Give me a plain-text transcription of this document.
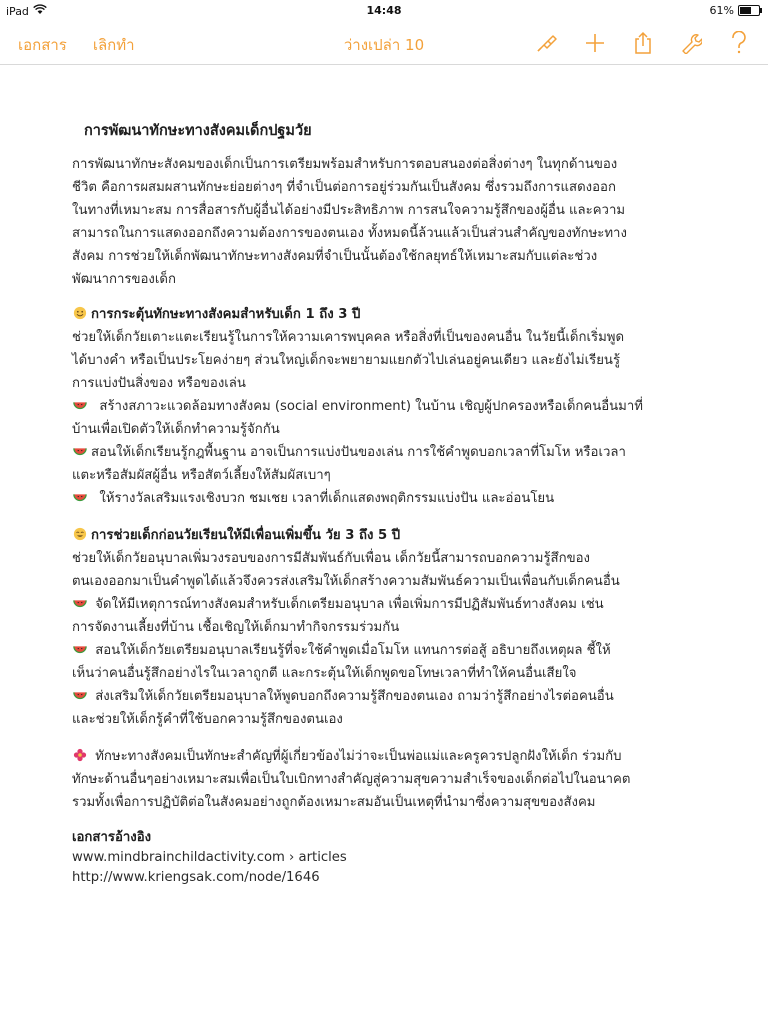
iPad	14:48	61%
เอกสาร เลิกทำ	ว่างเปล่า 10
การพัฒนาทักษะทางสังคมเด็กปฐมวัย

การพัฒนาทักษะสังคมของเด็กเป็นการเตรียมพร้อมสำหรับการตอบสนองต่อสิ่งต่างๆ ในทุกด้านของ

ชีวิต คือการผสมผสานทักษะย่อยต่างๆ ที่จำเป็นต่อการอยู่ร่วมกันเป็นสังคม ซึ่งรวมถึงการแสดงออก

ในทางที่เหมาะสม การสื่อสารกับผู้อื่นได้อย่างมีประสิทธิภาพ การสนใจความรู้สึกของผู้อื่น และความ

สามารถในการแสดงออกถึงความต้องการของตนเอง ทั้งหมดนี้ล้วนแล้วเป็นส่วนสำคัญของทักษะทาง

สังคม การช่วยให้เด็กพัฒนาทักษะทางสังคมที่จำเป็นนั้นต้องใช้กลยุทธ์ให้เหมาะสมกับแต่ละช่วง

พัฒนาการของเด็ก

การกระตุ้นทักษะทางสังคมสำหรับเด็ก 1 ถึง 3 ปี

ช่วยให้เด็กวัยเตาะแตะเรียนรู้ในการให้ความเคารพบุคคล หรือสิ่งที่เป็นของคนอื่น ในวัยนี้เด็กเริ่มพูด

ได้บางคำ หรือเป็นประโยคง่ายๆ ส่วนใหญ่เด็กจะพยายามแยกตัวไปเล่นอยู่คนเดียว และยังไม่เรียนรู้

การแบ่งปันสิ่งของ หรือของเล่น

สร้างสภาวะแวดล้อมทางสังคม (social environment) ในบ้าน เชิญผู้ปกครองหรือเด็กคนอื่นมาที่

บ้านเพื่อเปิดตัวให้เด็กทำความรู้จักกัน

สอนให้เด็กเรียนรู้กฎพื้นฐาน อาจเป็นการแบ่งปันของเล่น การใช้คำพูดบอกเวลาที่โมโห หรือเวลา

แตะหรือสัมผัสผู้อื่น หรือสัตว์เลี้ยงให้สัมผัสเบาๆ

ให้รางวัลเสริมแรงเชิงบวก ชมเชย เวลาที่เด็กแสดงพฤติกรรมแบ่งปัน และอ่อนโยน

การช่วยเด็กก่อนวัยเรียนให้มีเพื่อนเพิ่มขึ้น วัย 3 ถึง 5 ปี

ช่วยให้เด็กวัยอนุบาลเพิ่มวงรอบของการมีสัมพันธ์กับเพื่อน เด็กวัยนี้สามารถบอกความรู้สึกของ

ตนเองออกมาเป็นคำพูดได้แล้วจึงควรส่งเสริมให้เด็กสร้างความสัมพันธ์ความเป็นเพื่อนกับเด็กคนอื่น

จัดให้มีเหตุการณ์ทางสังคมสำหรับเด็กเตรียมอนุบาล เพื่อเพิ่มการมีปฏิสัมพันธ์ทางสังคม เช่น

การจัดงานเลี้ยงที่บ้าน เชื้อเชิญให้เด็กมาทำกิจกรรมร่วมกัน

สอนให้เด็กวัยเตรียมอนุบาลเรียนรู้ที่จะใช้คำพูดเมื่อโมโห แทนการต่อสู้ อธิบายถึงเหตุผล ชี้ให้

เห็นว่าคนอื่นรู้สึกอย่างไรในเวลาถูกตี และกระตุ้นให้เด็กพูดขอโทษเวลาที่ทำให้คนอื่นเสียใจ

ส่งเสริมให้เด็กวัยเตรียมอนุบาลให้พูดบอกถึงความรู้สึกของตนเอง ถามว่ารู้สึกอย่างไรต่อคนอื่น

และช่วยให้เด็กรู้คำที่ใช้บอกความรู้สึกของตนเอง

ทักษะทางสังคมเป็นทักษะสำคัญที่ผู้เกี่ยวข้องไม่ว่าจะเป็นพ่อแม่และครูควรปลูกฝังให้เด็ก ร่วมกับ

ทักษะด้านอื่นๆอย่างเหมาะสมเพื่อเป็นใบเบิกทางสำคัญสู่ความสุขความสำเร็จของเด็กต่อไปในอนาคต

รวมทั้งเพื่อการปฏิบัติต่อในสังคมอย่างถูกต้องเหมาะสมอันเป็นเหตุที่นำมาซึ่งความสุขของสังคม

เอกสารอ้างอิง
www.mindbrainchildactivity.com › articles
http://www.kriengsak.com/node/1646
